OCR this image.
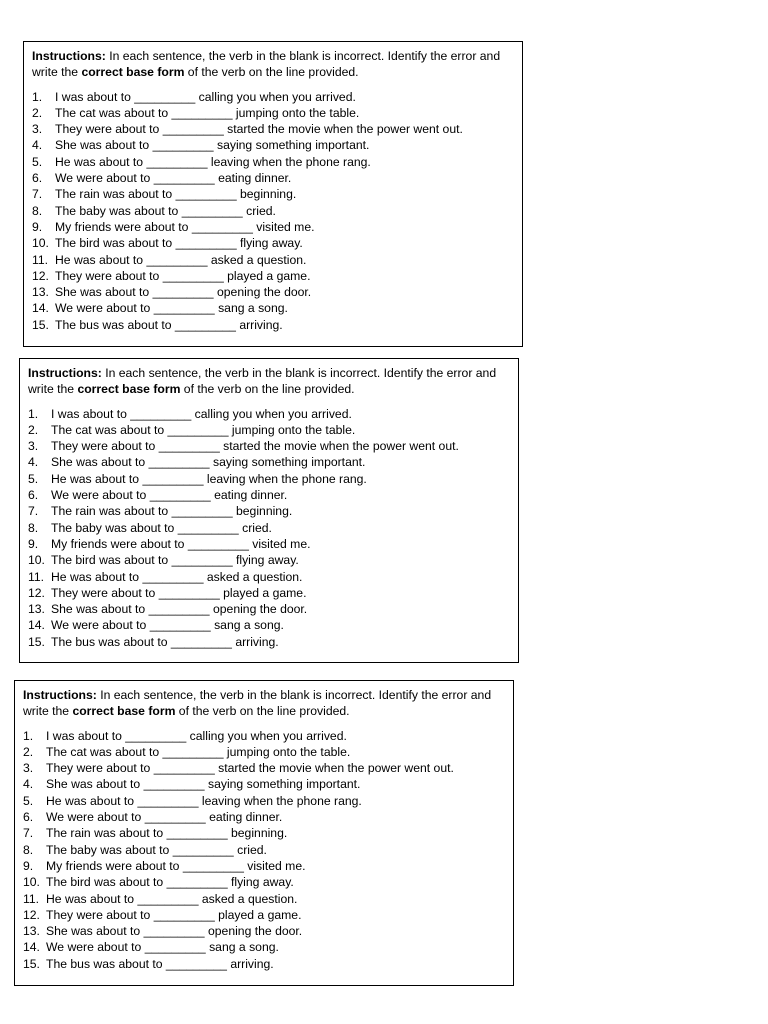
Instructions: In each sentence, the verb in the blank is incorrect. Identify the error and write the correct base form of the verb on the line provided.

1.	I was about to _________ calling you when you arrived.
2.	The cat was about to _________ jumping onto the table.
3.	They were about to _________ started the movie when the power went out.
4.	She was about to _________ saying something important.
5.	He was about to _________ leaving when the phone rang.
6.	We were about to _________ eating dinner.
7.	The rain was about to _________ beginning.
8.	The baby was about to _________ cried.
9.	My friends were about to _________ visited me.
10. The bird was about to _________ flying away.
11. He was about to _________ asked a question.
12. They were about to _________ played a game.
13. She was about to _________ opening the door.
14. We were about to _________ sang a song.
15. The bus was about to _________ arriving.

Instructions: In each sentence, the verb in the blank is incorrect. Identify the error and write the correct base form of the verb on the line provided.

1.	I was about to _________ calling you when you arrived.
2.	The cat was about to _________ jumping onto the table.
3.	They were about to _________ started the movie when the power went out.
4.	She was about to _________ saying something important.
5.	He was about to _________ leaving when the phone rang.
6.	We were about to _________ eating dinner.
7.	The rain was about to _________ beginning.
8.	The baby was about to _________ cried.
9.	My friends were about to _________ visited me.
10. The bird was about to _________ flying away.
11. He was about to _________ asked a question.
12. They were about to _________ played a game.
13. She was about to _________ opening the door.
14. We were about to _________ sang a song.
15. The bus was about to _________ arriving.

Instructions: In each sentence, the verb in the blank is incorrect. Identify the error and write the correct base form of the verb on the line provided.

1.	I was about to _________ calling you when you arrived.
2.	The cat was about to _________ jumping onto the table.
3.	They were about to _________ started the movie when the power went out.
4.	She was about to _________ saying something important.
5.	He was about to _________ leaving when the phone rang.
6.	We were about to _________ eating dinner.
7.	The rain was about to _________ beginning.
8.	The baby was about to _________ cried.
9.	My friends were about to _________ visited me.
10. The bird was about to _________ flying away.
11. He was about to _________ asked a question.
12. They were about to _________ played a game.
13. She was about to _________ opening the door.
14. We were about to _________ sang a song.
15. The bus was about to _________ arriving.
